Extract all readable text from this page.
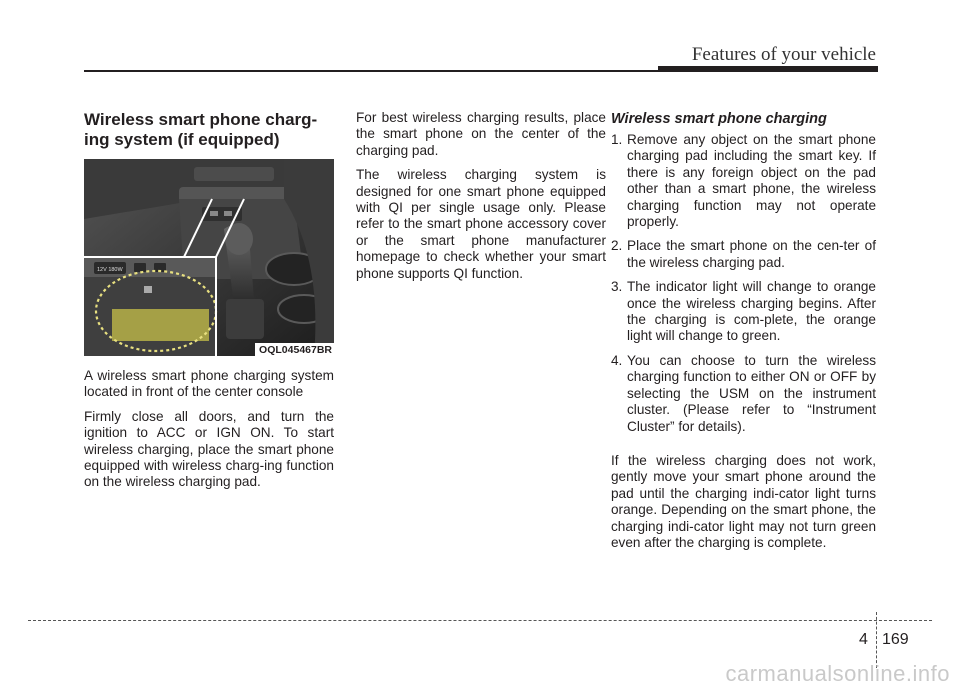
Features of your vehicle
Wireless smart phone charg-
ing system (if equipped)
12V 180W
OQL045467BR

A wireless smart phone charging system located in front of the center console

Firmly close all doors, and turn the ignition to ACC or IGN ON. To start wireless charging, place the smart phone equipped with wireless charg-ing function on the wireless charging pad.

For best wireless charging results, place the smart phone on the center of the charging pad.

The wireless charging system is designed for one smart phone equipped with QI per single usage only. Please refer to the smart phone accessory cover or the smart phone manufacturer homepage to check whether your smart phone supports QI function.

Wireless smart phone charging
1. Remove any object on the smart phone charging pad including the smart key. If there is any foreign object on the pad other than a smart phone, the wireless charging function may not operate properly.
2. Place the smart phone on the cen-ter of the wireless charging pad.
3. The indicator light will change to orange once the wireless charging begins. After the charging is com-plete, the orange light will change to green.
4. You can choose to turn the wireless charging function to either ON or OFF by selecting the USM on the instrument cluster. (Please refer to “Instrument Cluster” for details).

If the wireless charging does not work, gently move your smart phone around the pad until the charging indi-cator light turns orange. Depending on the smart phone, the charging indi-cator light may not turn green even after the charging is complete.

4 169
carmanualsonline.info
